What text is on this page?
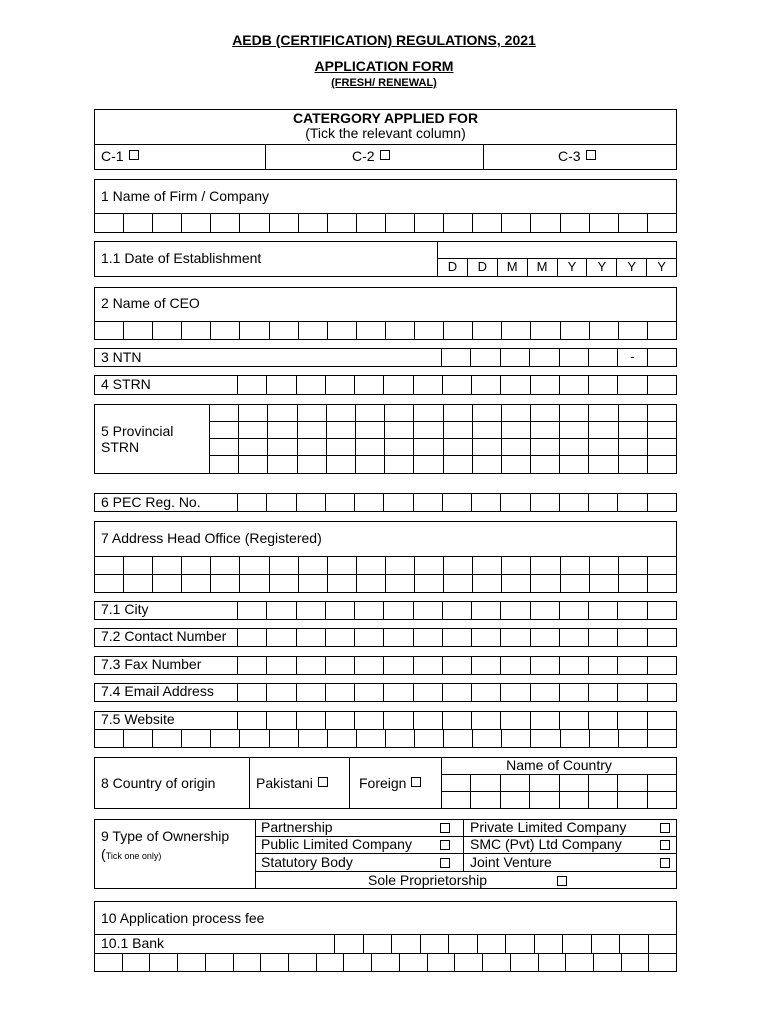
AEDB (CERTIFICATION) REGULATIONS, 2021
APPLICATION FORM
(FRESH/ RENEWAL)
CATERGORY APPLIED FOR
(Tick the relevant column)
C-1	C-2	C-3
1 Name of Firm / Company
1.1 Date of Establishment
D	D	M	M	Y	Y	Y	Y
2 Name of CEO
3 NTN	-
4 STRN
5 Provincial
STRN
6 PEC Reg. No.
7 Address Head Office (Registered)
7.1 City
7.2 Contact Number
7.3 Fax Number
7.4 Email Address
7.5 Website
8 Country of origin	Pakistani	Foreign
Name of Country
9 Type of Ownership
(Tick one only)
Partnership	Private Limited Company
Public Limited Company	SMC (Pvt) Ltd Company
Statutory Body	Joint Venture
Sole Proprietorship
10 Application process fee
10.1 Bank
